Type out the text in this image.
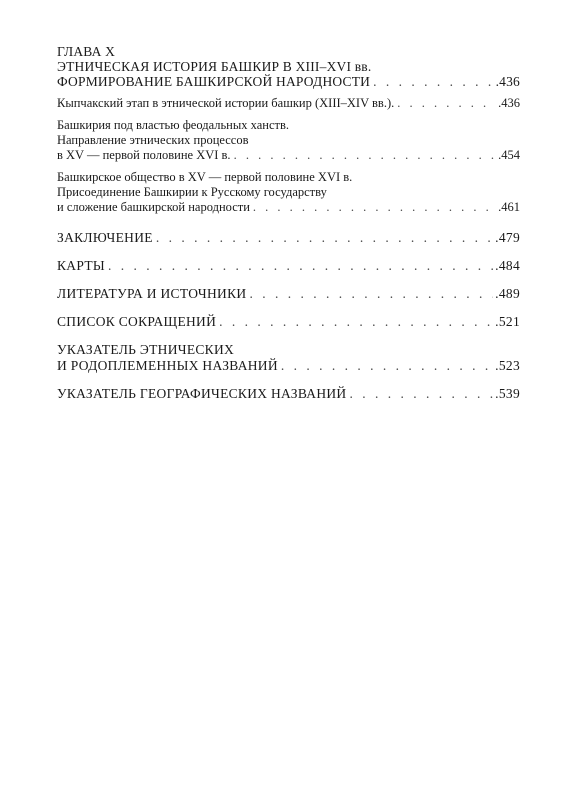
ГЛАВА X
ЭТНИЧЕСКАЯ ИСТОРИЯ БАШКИР В XIII–XVI вв.
ФОРМИРОВАНИЕ БАШКИРСКОЙ НАРОДНОСТИ . . .	.436
Кыпчакский этап в этнической истории башкир (XIII–XIV вв.). . . .	.436
Башкирия под властью феодальных ханств.
Направление этнических процессов
в XV — первой половине XVI в. . . .	.454
Башкирское общество в XV — первой половине XVI в.
Присоединение Башкирии к Русскому государству
и сложение башкирской народности . . .	.461
ЗАКЛЮЧЕНИЕ . . .	.479
КАРТЫ . . .	.484
ЛИТЕРАТУРА И ИСТОЧНИКИ . . .	.489
СПИСОК СОКРАЩЕНИЙ . . .	.521
УКАЗАТЕЛЬ ЭТНИЧЕСКИХ
И РОДОПЛЕМЕННЫХ НАЗВАНИЙ . . .	.523
УКАЗАТЕЛЬ ГЕОГРАФИЧЕСКИХ НАЗВАНИЙ . . .	.539
